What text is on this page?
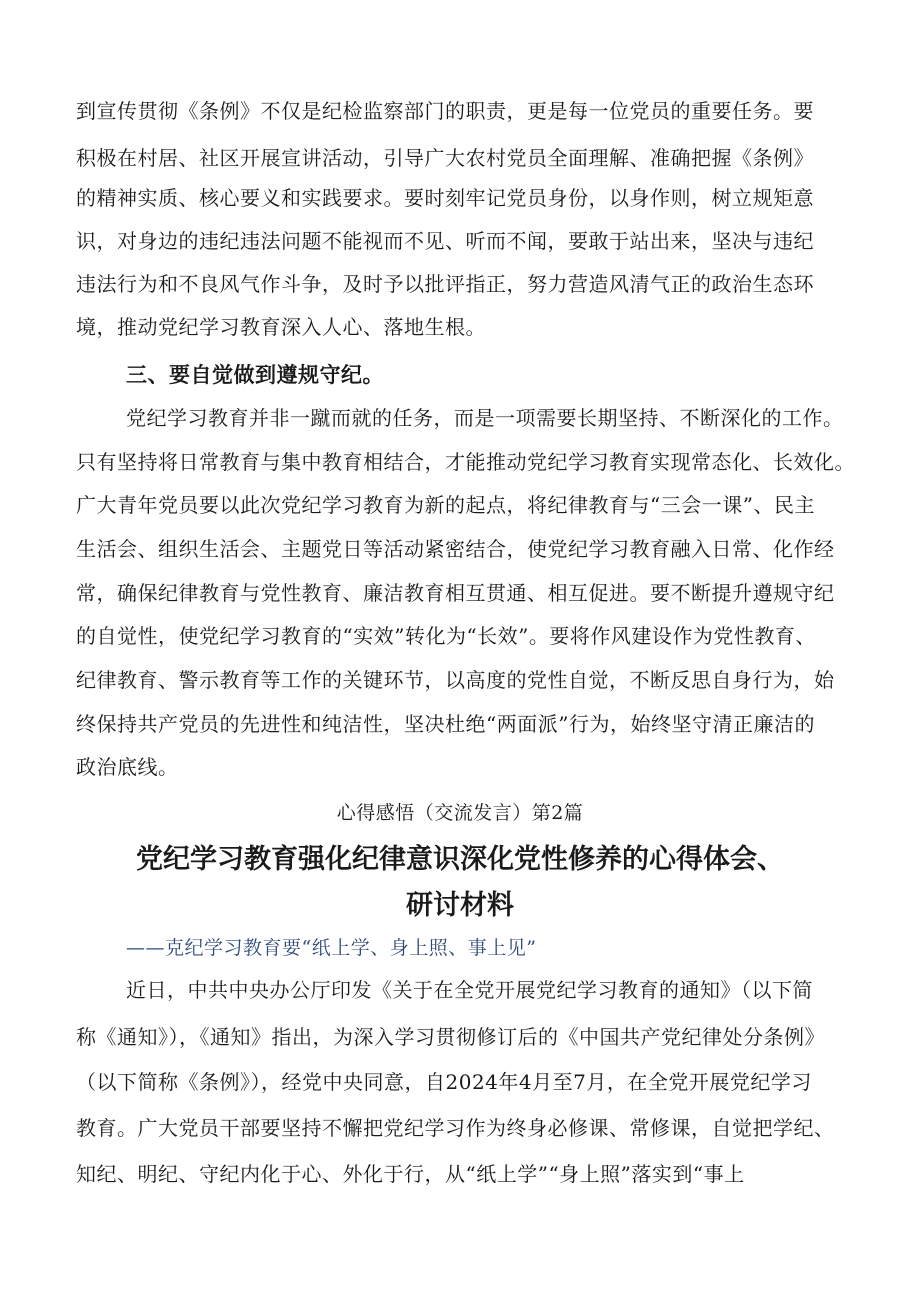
到宣传贯彻《条例》不仅是纪检监察部门的职责，更是每一位党员的重要任务。要
积极在村居、社区开展宣讲活动，引导广大农村党员全面理解、准确把握《条例》
的精神实质、核心要义和实践要求。要时刻牢记党员身份，以身作则，树立规矩意
识，对身边的违纪违法问题不能视而不见、听而不闻，要敢于站出来，坚决与违纪
违法行为和不良风气作斗争，及时予以批评指正，努力营造风清气正的政治生态环
境，推动党纪学习教育深入人心、落地生根。
三、要自觉做到遵规守纪。
党纪学习教育并非一蹴而就的任务，而是一项需要长期坚持、不断深化的工作。
只有坚持将日常教育与集中教育相结合，才能推动党纪学习教育实现常态化、长效化。
广大青年党员要以此次党纪学习教育为新的起点，将纪律教育与“三会一课”、民主
生活会、组织生活会、主题党日等活动紧密结合，使党纪学习教育融入日常、化作经
常，确保纪律教育与党性教育、廉洁教育相互贯通、相互促进。要不断提升遵规守纪
的自觉性，使党纪学习教育的“实效”转化为“长效”。要将作风建设作为党性教育、
纪律教育、警示教育等工作的关键环节，以高度的党性自觉，不断反思自身行为，始
终保持共产党员的先进性和纯洁性，坚决杜绝“两面派”行为，始终坚守清正廉洁的
政治底线。
心得感悟（交流发言）第2篇
党纪学习教育强化纪律意识深化党性修养的心得体会、
研讨材料
——克纪学习教育要“纸上学、身上照、事上见”
近日，中共中央办公厅印发《关于在全党开展党纪学习教育的通知》（以下简
称《通知》），《通知》指出，为深入学习贯彻修订后的《中国共产党纪律处分条例》
（以下简称《条例》），经党中央同意，自2024年4月至7月，在全党开展党纪学习
教育。广大党员干部要坚持不懈把党纪学习作为终身必修课、常修课，自觉把学纪、
知纪、明纪、守纪内化于心、外化于行，从“纸上学”“身上照”落实到“事上
